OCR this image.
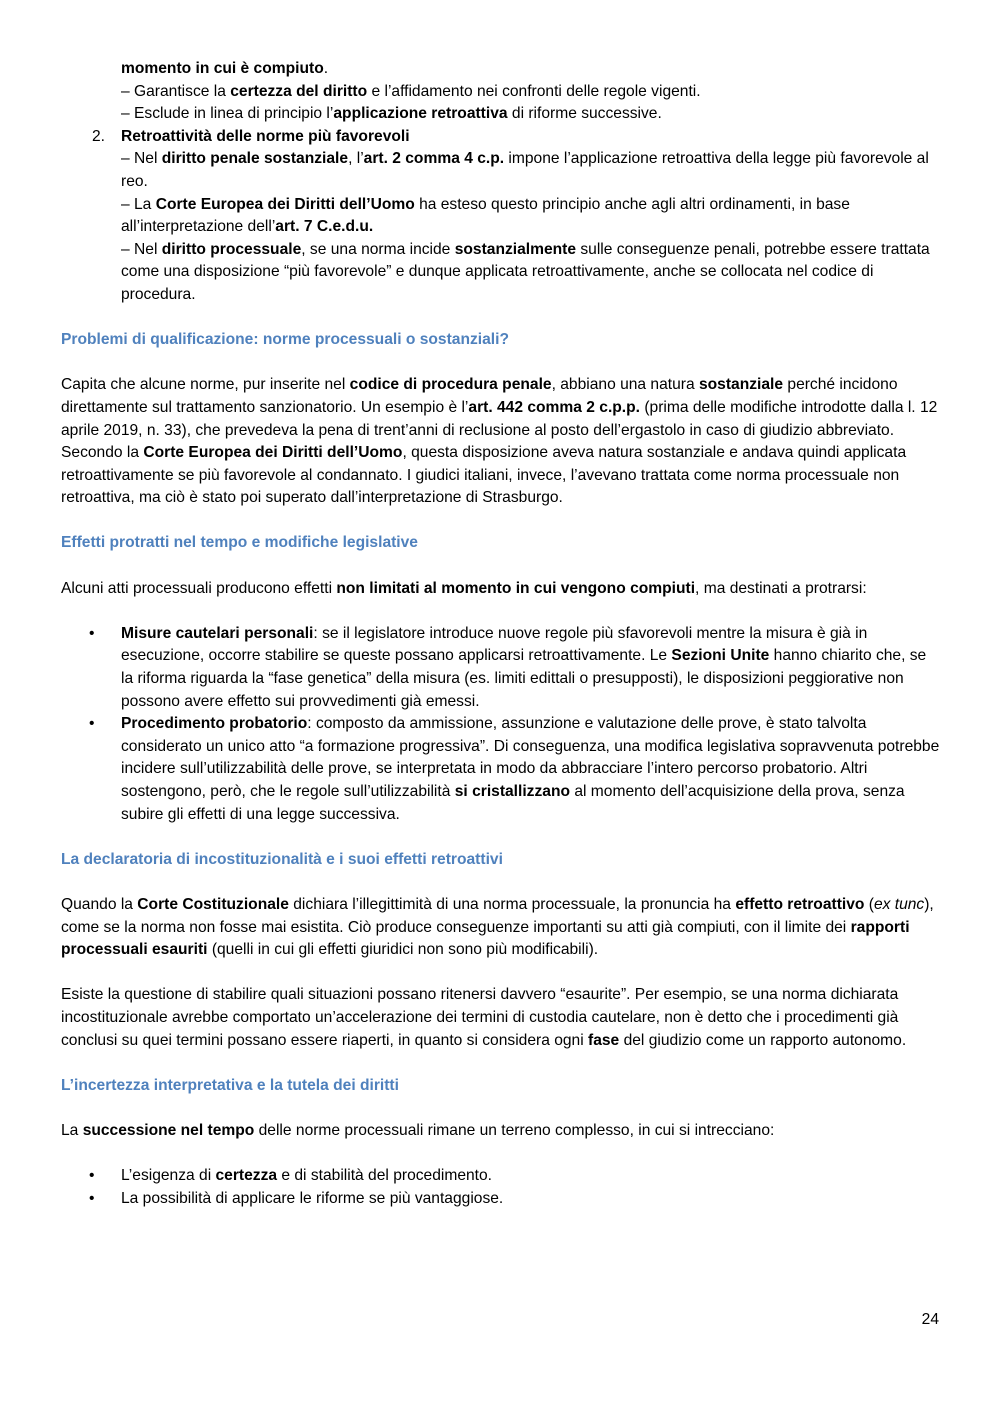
momento in cui è compiuto.

– Garantisce la certezza del diritto e l’affidamento nei confronti delle regole vigenti.

– Esclude in linea di principio l’applicazione retroattiva di riforme successive.

2. Retroattività delle norme più favorevoli

– Nel diritto penale sostanziale, l’art. 2 comma 4 c.p. impone l’applicazione retroattiva della legge più favorevole al reo.

– La Corte Europea dei Diritti dell’Uomo ha esteso questo principio anche agli altri ordinamenti, in base all’interpretazione dell’art. 7 C.e.d.u.

– Nel diritto processuale, se una norma incide sostanzialmente sulle conseguenze penali, potrebbe essere trattata come una disposizione “più favorevole” e dunque applicata retroattivamente, anche se collocata nel codice di procedura.

Problemi di qualificazione: norme processuali o sostanziali?

Capita che alcune norme, pur inserite nel codice di procedura penale, abbiano una natura sostanziale perché incidono direttamente sul trattamento sanzionatorio. Un esempio è l’art. 442 comma 2 c.p.p. (prima delle modifiche introdotte dalla l. 12 aprile 2019, n. 33), che prevedeva la pena di trent’anni di reclusione al posto dell’ergastolo in caso di giudizio abbreviato.

Secondo la Corte Europea dei Diritti dell’Uomo, questa disposizione aveva natura sostanziale e andava quindi applicata retroattivamente se più favorevole al condannato. I giudici italiani, invece, l’avevano trattata come norma processuale non retroattiva, ma ciò è stato poi superato dall’interpretazione di Strasburgo.

Effetti protratti nel tempo e modifiche legislative

Alcuni atti processuali producono effetti non limitati al momento in cui vengono compiuti, ma destinati a protrarsi:

• Misure cautelari personali: se il legislatore introduce nuove regole più sfavorevoli mentre la misura è già in esecuzione, occorre stabilire se queste possano applicarsi retroattivamente. Le Sezioni Unite hanno chiarito che, se la riforma riguarda la “fase genetica” della misura (es. limiti edittali o presupposti), le disposizioni peggiorative non possono avere effetto sui provvedimenti già emessi.
• Procedimento probatorio: composto da ammissione, assunzione e valutazione delle prove, è stato talvolta considerato un unico atto “a formazione progressiva”. Di conseguenza, una modifica legislativa sopravvenuta potrebbe incidere sull’utilizzabilità delle prove, se interpretata in modo da abbracciare l’intero percorso probatorio. Altri sostengono, però, che le regole sull’utilizzabilità si cristallizzano al momento dell’acquisizione della prova, senza subire gli effetti di una legge successiva.
La declaratoria di incostituzionalità e i suoi effetti retroattivi

Quando la Corte Costituzionale dichiara l’illegittimità di una norma processuale, la pronuncia ha effetto retroattivo (ex tunc), come se la norma non fosse mai esistita. Ciò produce conseguenze importanti su atti già compiuti, con il limite dei rapporti processuali esauriti (quelli in cui gli effetti giuridici non sono più modificabili).

Esiste la questione di stabilire quali situazioni possano ritenersi davvero “esaurite”. Per esempio, se una norma dichiarata incostituzionale avrebbe comportato un’accelerazione dei termini di custodia cautelare, non è detto che i procedimenti già conclusi su quei termini possano essere riaperti, in quanto si considera ogni fase del giudizio come un rapporto autonomo.

L’incertezza interpretativa e la tutela dei diritti

La successione nel tempo delle norme processuali rimane un terreno complesso, in cui si intrecciano:

• L’esigenza di certezza e di stabilità del procedimento.
• La possibilità di applicare le riforme se più vantaggiose.
24
